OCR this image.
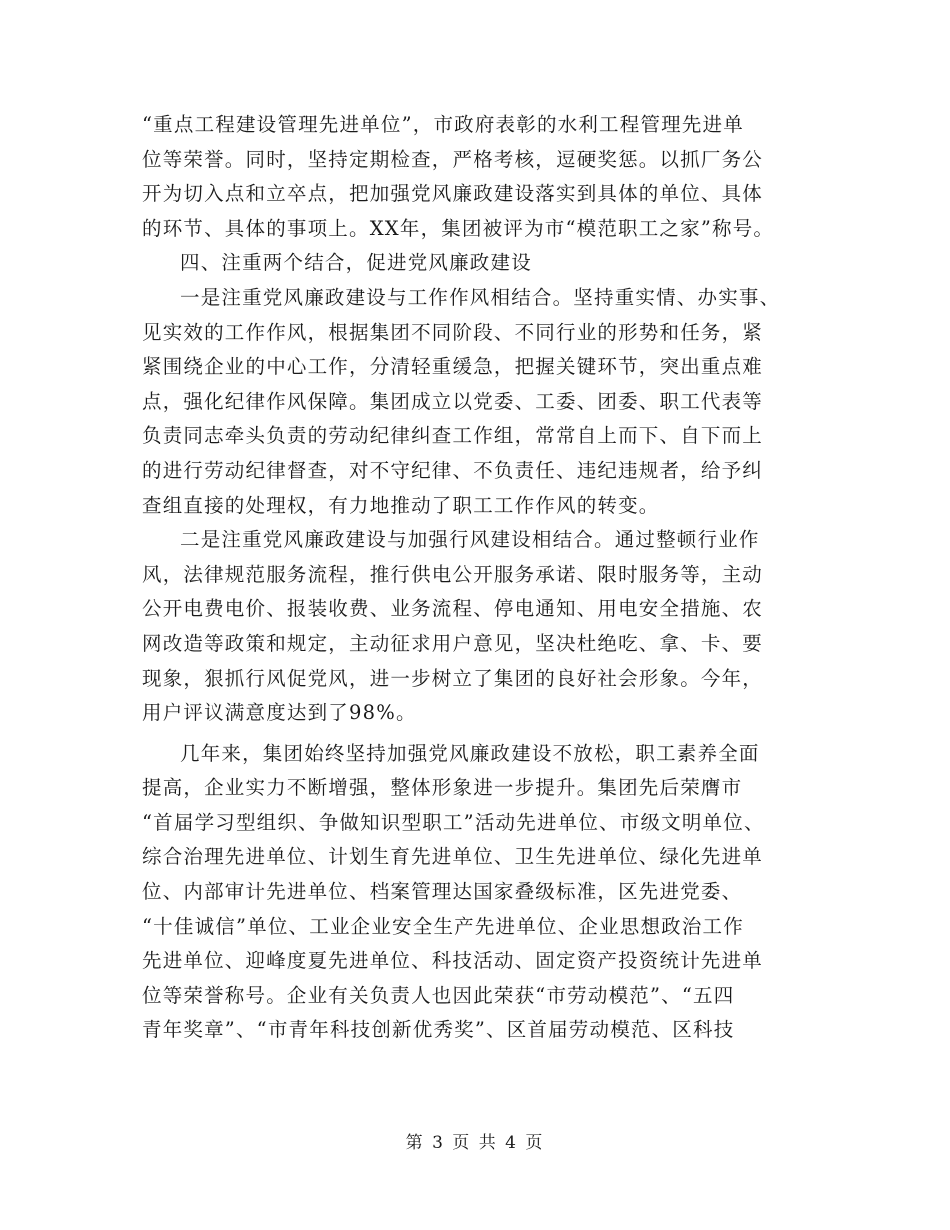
“重点工程建设管理先进单位”，市政府表彰的水利工程管理先进单
位等荣誉。同时，坚持定期检查，严格考核，逗硬奖惩。以抓厂务公
开为切入点和立卒点，把加强党风廉政建设落实到具体的单位、具体
的环节、具体的事项上。XX年，集团被评为市“模范职工之家”称号。
四、注重两个结合，促进党风廉政建设
一是注重党风廉政建设与工作作风相结合。坚持重实情、办实事、
见实效的工作作风，根据集团不同阶段、不同行业的形势和任务，紧
紧围绕企业的中心工作，分清轻重缓急，把握关键环节，突出重点难
点，强化纪律作风保障。集团成立以党委、工委、团委、职工代表等
负责同志牵头负责的劳动纪律纠查工作组，常常自上而下、自下而上
的进行劳动纪律督查，对不守纪律、不负责任、违纪违规者，给予纠
查组直接的处理权，有力地推动了职工工作作风的转变。
二是注重党风廉政建设与加强行风建设相结合。通过整顿行业作
风，法律规范服务流程，推行供电公开服务承诺、限时服务等，主动
公开电费电价、报装收费、业务流程、停电通知、用电安全措施、农
网改造等政策和规定，主动征求用户意见，坚决杜绝吃、拿、卡、要
现象，狠抓行风促党风，进一步树立了集团的良好社会形象。今年，
用户评议满意度达到了98%。
几年来，集团始终坚持加强党风廉政建设不放松，职工素养全面
提高，企业实力不断增强，整体形象进一步提升。集团先后荣膺市
“首届学习型组织、争做知识型职工”活动先进单位、市级文明单位、
综合治理先进单位、计划生育先进单位、卫生先进单位、绿化先进单
位、内部审计先进单位、档案管理达国家叠级标准，区先进党委、
“十佳诚信”单位、工业企业安全生产先进单位、企业思想政治工作
先进单位、迎峰度夏先进单位、科技活动、固定资产投资统计先进单
位等荣誉称号。企业有关负责人也因此荣获“市劳动模范”、“五四
青年奖章”、“市青年科技创新优秀奖”、区首届劳动模范、区科技
第 3 页 共 4 页
